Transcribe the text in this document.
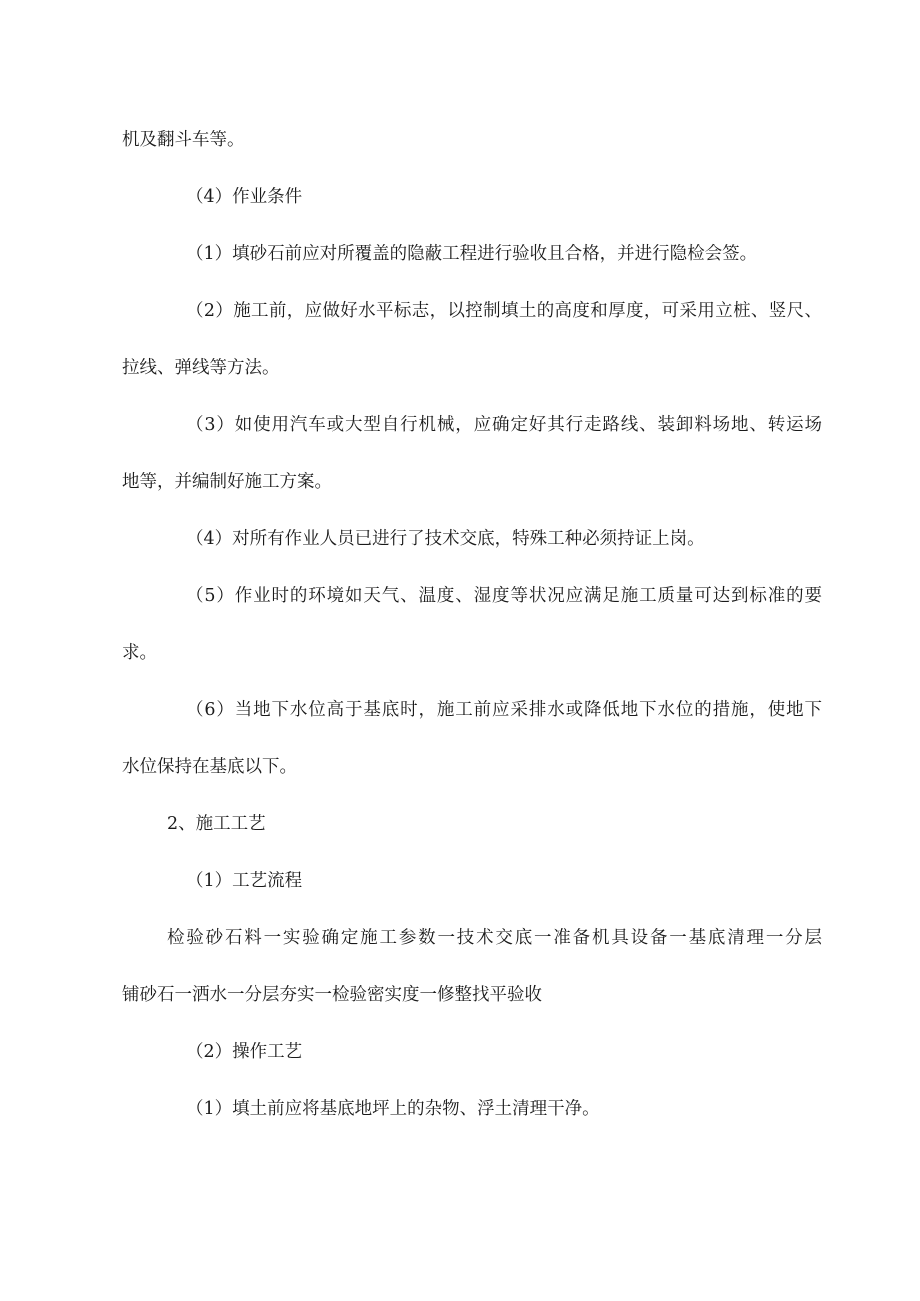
机及翻斗车等。

（4）作业条件

（1）填砂石前应对所覆盖的隐蔽工程进行验收且合格，并进行隐检会签。

（2）施工前，应做好水平标志，以控制填土的高度和厚度，可采用立桩、竖尺、

拉线、弹线等方法。

（3）如使用汽车或大型自行机械，应确定好其行走路线、装卸料场地、转运场

地等，并编制好施工方案。

（4）对所有作业人员已进行了技术交底，特殊工种必须持证上岗。

（5）作业时的环境如天气、温度、湿度等状况应满足施工质量可达到标准的要

求。

（6）当地下水位高于基底时，施工前应采排水或降低地下水位的措施，使地下

水位保持在基底以下。

2、施工工艺

（1）工艺流程

检验砂石料一实验确定施工参数一技术交底一准备机具设备一基底清理一分层

铺砂石一洒水一分层夯实一检验密实度一修整找平验收

（2）操作工艺

（1）填土前应将基底地坪上的杂物、浮土清理干净。
